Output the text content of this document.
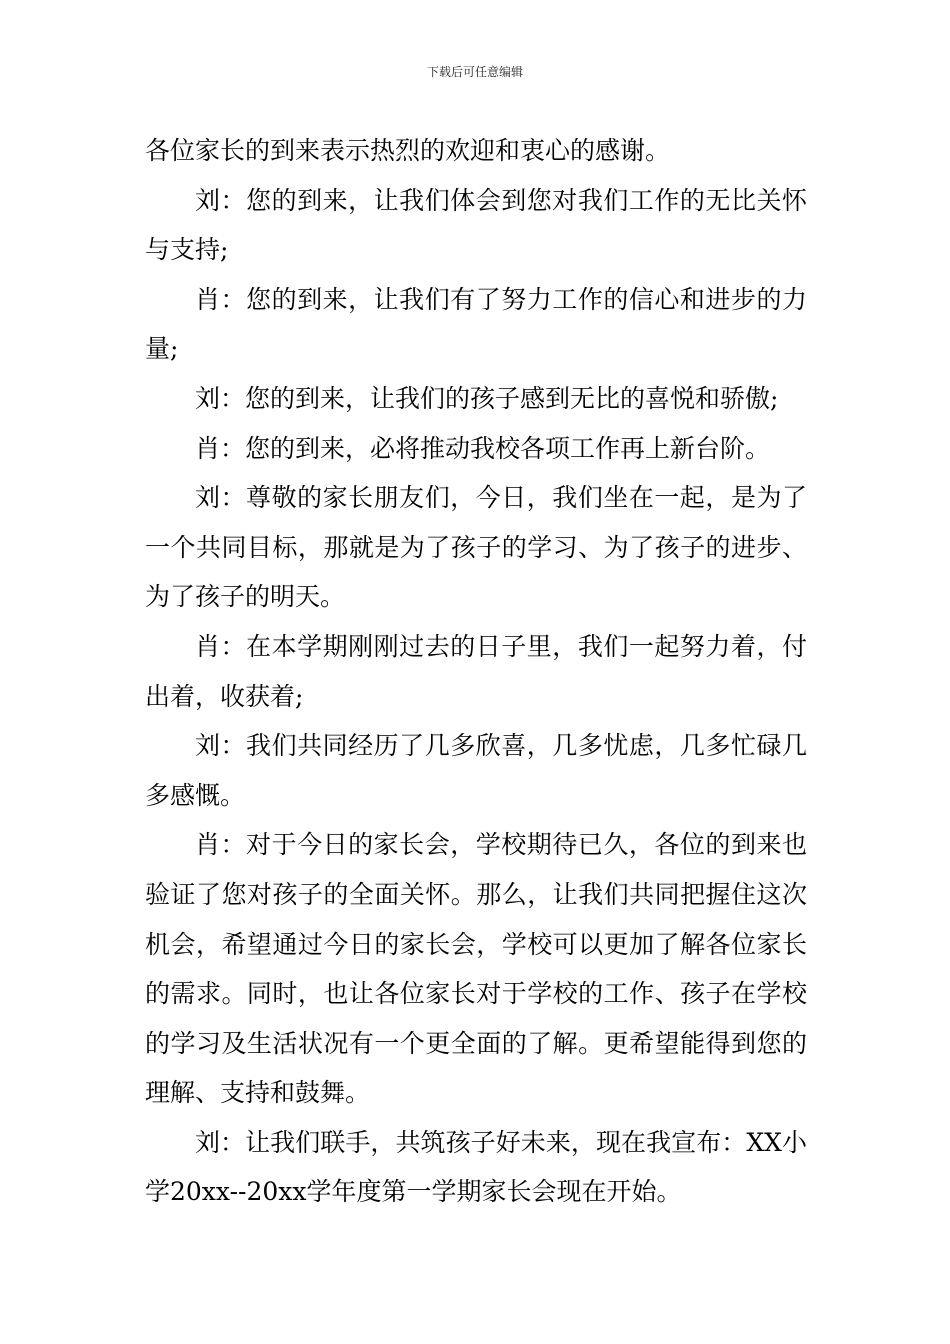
下载后可任意编辑

各位家长的到来表示热烈的欢迎和衷心的感谢。

刘：您的到来，让我们体会到您对我们工作的无比关怀与支持;

肖：您的到来，让我们有了努力工作的信心和进步的力量;

刘：您的到来，让我们的孩子感到无比的喜悦和骄傲;

肖：您的到来，必将推动我校各项工作再上新台阶。

刘：尊敬的家长朋友们，今日，我们坐在一起，是为了一个共同目标，那就是为了孩子的学习、为了孩子的进步、为了孩子的明天。

肖：在本学期刚刚过去的日子里，我们一起努力着，付出着，收获着;

刘：我们共同经历了几多欣喜，几多忧虑，几多忙碌几多感慨。

肖：对于今日的家长会，学校期待已久，各位的到来也验证了您对孩子的全面关怀。那么，让我们共同把握住这次机会，希望通过今日的家长会，学校可以更加了解各位家长的需求。同时，也让各位家长对于学校的工作、孩子在学校的学习及生活状况有一个更全面的了解。更希望能得到您的理解、支持和鼓舞。

刘：让我们联手，共筑孩子好未来，现在我宣布：XX小学20xx--20xx学年度第一学期家长会现在开始。
